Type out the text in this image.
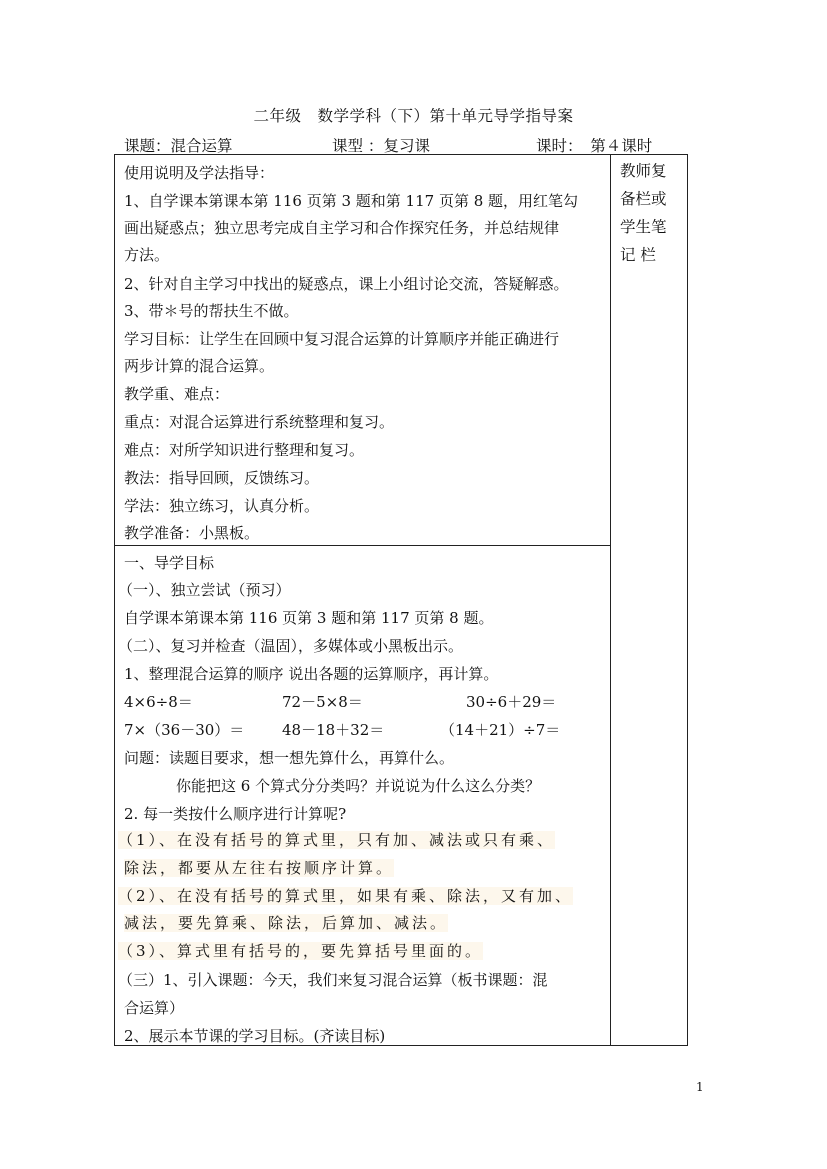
二年级　数学学科（下）第十单元导学指导案
课题：混合运算 	课型 ：复习课	课时：  第４课时  
教师复
备栏或
学生笔
记 栏
使用说明及学法指导：
1、自学课本第课本第 116 页第 3 题和第 117 页第 8 题，用红笔勾
画出疑惑点；独立思考完成自主学习和合作探究任务，并总结规律
方法。
2、针对自主学习中找出的疑惑点，课上小组讨论交流，答疑解惑。
3、带＊号的帮扶生不做。
学习目标：让学生在回顾中复习混合运算的计算顺序并能正确进行
两步计算的混合运算。
教学重、难点：
重点：对混合运算进行系统整理和复习。
难点：对所学知识进行整理和复习。
教法：指导回顾，反馈练习。
学法：独立练习，认真分析。
教学准备：小黑板。
一、导学目标
（一）、独立尝试（预习）
自学课本第课本第 116 页第 3 题和第 117 页第 8 题。
（二）、复习并检查（温固），多媒体或小黑板出示。
1、整理混合运算的顺序 说出各题的运算顺序，再计算。
4×6÷8＝	72－5×8＝	30÷6＋29＝
7×（36－30）＝	48－18＋32＝	（14＋21）÷7＝
问题：读题目要求，想一想先算什么，再算什么。
你能把这 6 个算式分分类吗？并说说为什么这么分类？
2. 每一类按什么顺序进行计算呢?
（1）、在没有括号的算式里，只有加、减法或只有乘、
除法，都要从左往右按顺序计算。
（2）、在没有括号的算式里，如果有乘、除法，又有加、
减法，要先算乘、除法，后算加、减法。
（3）、算式里有括号的，要先算括号里面的。
（三）1、引入课题：今天，我们来复习混合运算（板书课题：混
合运算）
2、展示本节课的学习目标。(齐读目标)
1
